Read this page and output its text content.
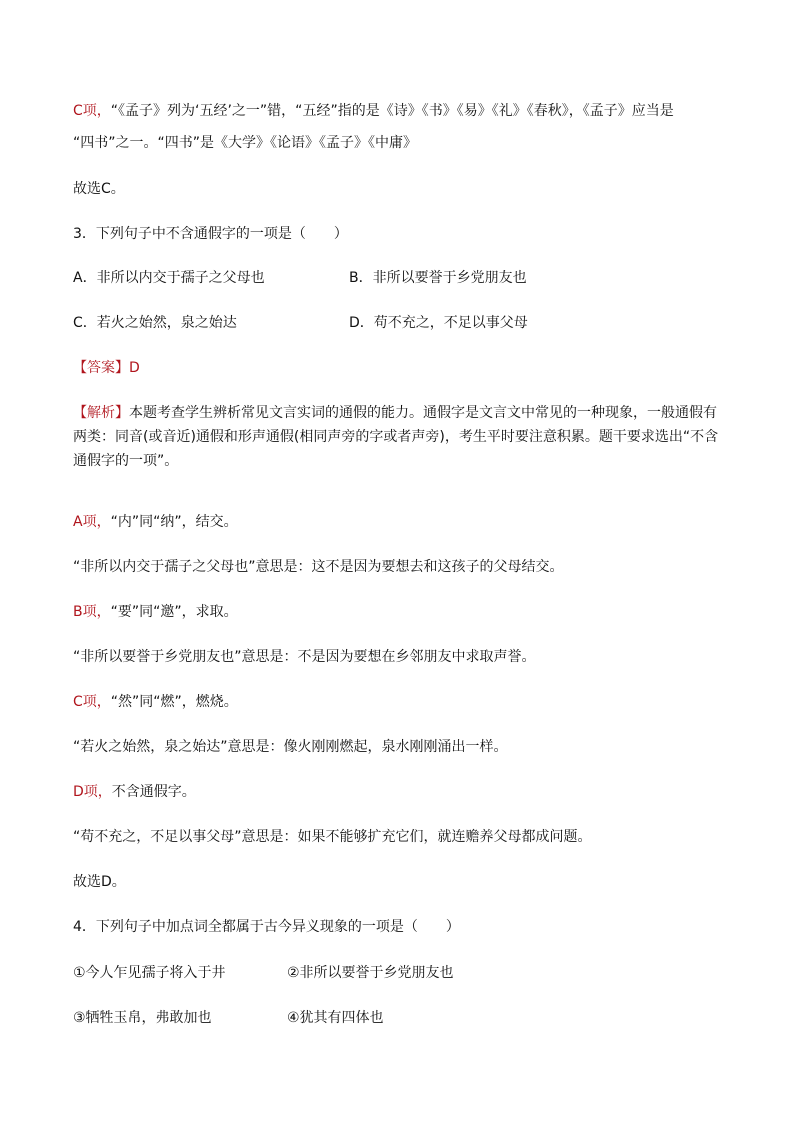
C项，“《孟子》列为‘五经’之一”错，“五经”指的是《诗》《书》《易》《礼》《春秋》，《孟子》应当是
“四书”之一。“四书”是《大学》《论语》《孟子》《中庸》
故选C。
3．下列句子中不含通假字的一项是（　　）
A．非所以内交于孺子之父母也	B．非所以要誉于乡党朋友也
C．若火之始然，泉之始达	D．苟不充之，不足以事父母
【答案】D
【解析】本题考查学生辨析常见文言实词的通假的能力。通假字是文言文中常见的一种现象，一般通假有两类：同音(或音近)通假和形声通假(相同声旁的字或者声旁)，考生平时要注意积累。题干要求选出“不含通假字的一项”。
A项，“内”同“纳”，结交。
“非所以内交于孺子之父母也”意思是：这不是因为要想去和这孩子的父母结交。
B项，“要”同“邀”，求取。
“非所以要誉于乡党朋友也”意思是：不是因为要想在乡邻朋友中求取声誉。
C项，“然”同“燃”，燃烧。
“若火之始然，泉之始达”意思是：像火刚刚燃起，泉水刚刚涌出一样。
D项，不含通假字。
“苟不充之，不足以事父母”意思是：如果不能够扩充它们，就连赡养父母都成问题。
故选D。
4．下列句子中加点词全都属于古今异义现象的一项是（　　）
①今人乍见孺子将入于井	②非所以要誉于乡党朋友也
③牺牲玉帛，弗敢加也	④犹其有四体也
